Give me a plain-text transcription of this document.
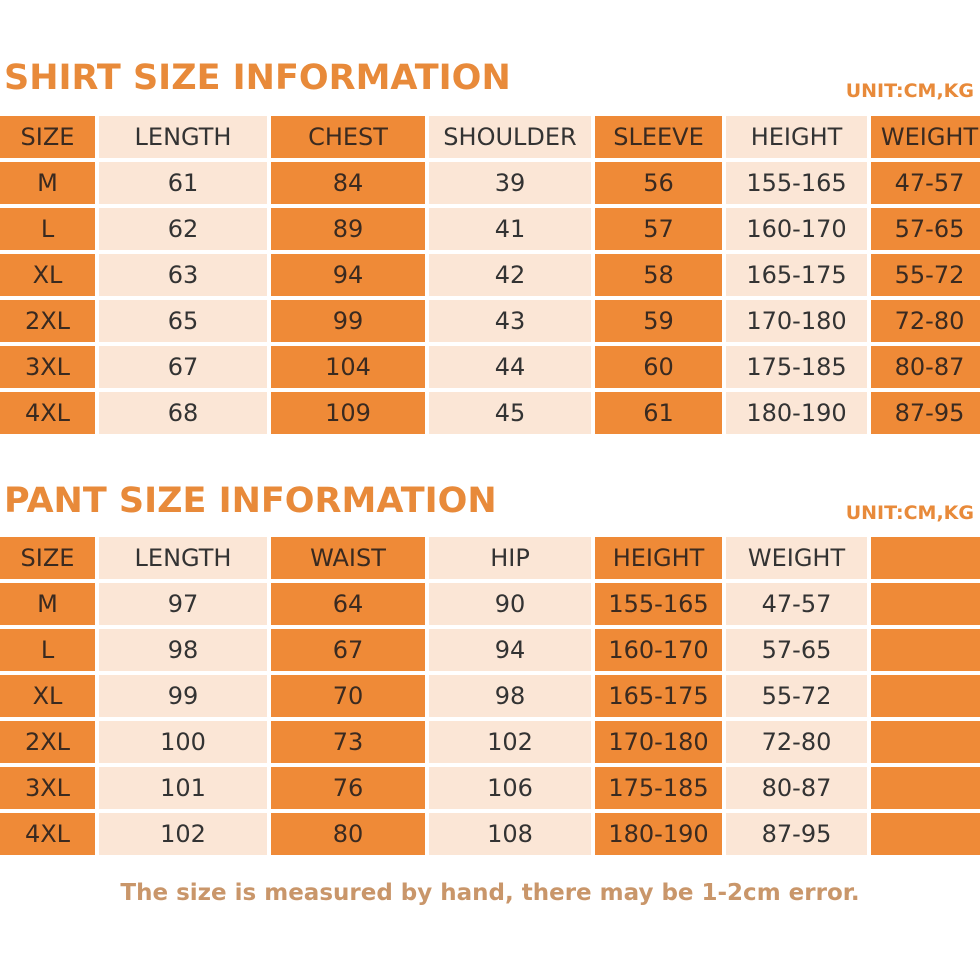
SHIRT SIZE INFORMATION	UNIT:CM,KG
SIZE	LENGTH	CHEST	SHOULDER	SLEEVE	HEIGHT	WEIGHT
M	61	84	39	56	155-165	47-57
L	62	89	41	57	160-170	57-65
XL	63	94	42	58	165-175	55-72
2XL	65	99	43	59	170-180	72-80
3XL	67	104	44	60	175-185	80-87
4XL	68	109	45	61	180-190	87-95
PANT SIZE INFORMATION	UNIT:CM,KG
SIZE	LENGTH	WAIST	HIP	HEIGHT	WEIGHT
M	97	64	90	155-165	47-57
L	98	67	94	160-170	57-65
XL	99	70	98	165-175	55-72
2XL	100	73	102	170-180	72-80
3XL	101	76	106	175-185	80-87
4XL	102	80	108	180-190	87-95
The size is measured by hand, there may be 1-2cm error.
